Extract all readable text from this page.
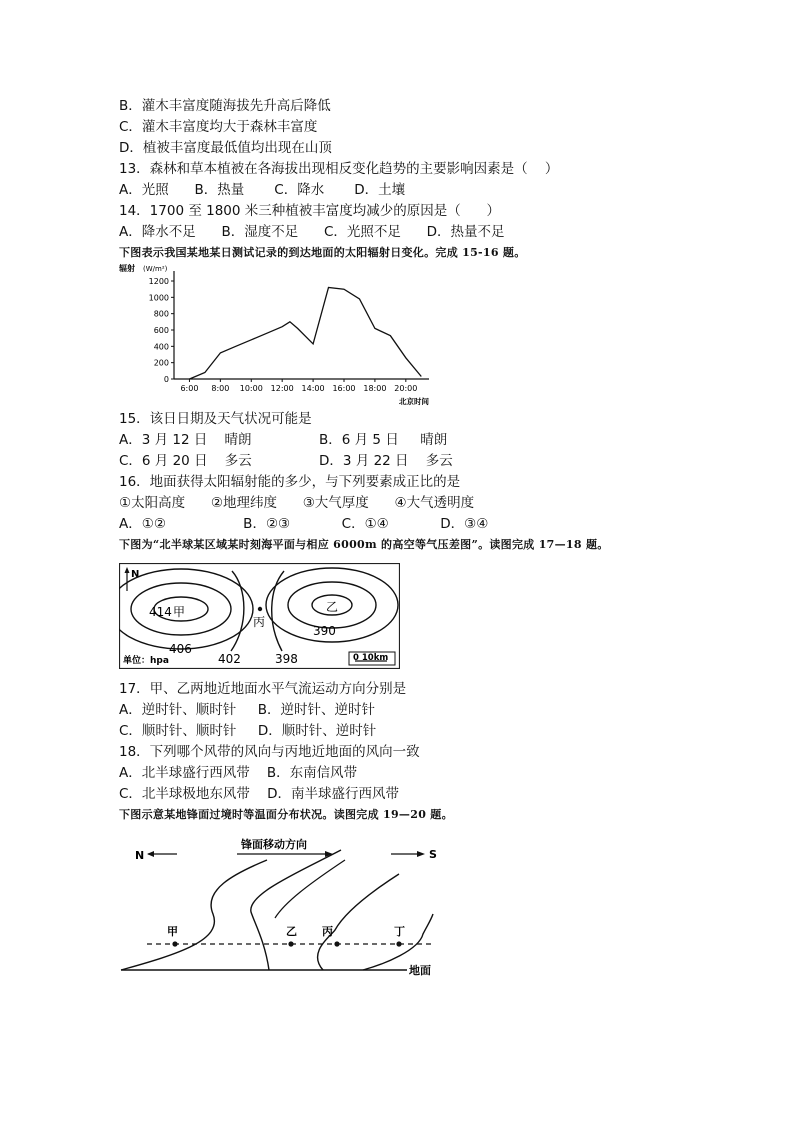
B．灌木丰富度随海拔先升高后降低
C．灌木丰富度均大于森林丰富度
D．植被丰富度最低值均出现在山顶
13．森林和草本植被在各海拔出现相反变化趋势的主要影响因素是（    ）
A．光照      B．热量       C．降水       D．土壤
14．1700 至 1800 米三种植被丰富度均减少的原因是（      ）
A．降水不足      B．湿度不足      C．光照不足      D．热量不足
下图表示我国某地某日测试记录的到达地面的太阳辐射日变化。完成 15-16 题。
辐射 (W/m²)
0
200
400
600
800
1000
1200
6:00 8:00 10:00 12:00 14:00 16:00 18:00 20:00
北京时间
15．该日日期及天气状况可能是
A．3 月 12 日    晴朗	B．6 月 5 日     晴朗
C．6 月 20 日    多云	D．3 月 22 日    多云
16．地面获得太阳辐射能的多少，与下列要素成正比的是
①太阳高度      ②地理纬度      ③大气厚度      ④大气透明度
A．①②                  B．②③            C．①④            D．③④
下图为“北半球某区域某时刻海平面与相应 6000m 的高空等气压差图”。读图完成 17—18 题。
N
丙
414 甲	乙
406
402	398
390
单位：hpa	0 10km
17．甲、乙两地近地面水平气流运动方向分别是
A．逆时针、顺时针     B．逆时针、逆时针
C．顺时针、顺时针     D．顺时针、逆时针
18．下列哪个风带的风向与丙地近地面的风向一致
A．北半球盛行西风带    B．东南信风带
C．北半球极地东风带    D．南半球盛行西风带
下图示意某地锋面过境时等温面分布状况。读图完成 19—20 题。
N
锋面移动方向
S
地面
甲	乙 丙	丁
